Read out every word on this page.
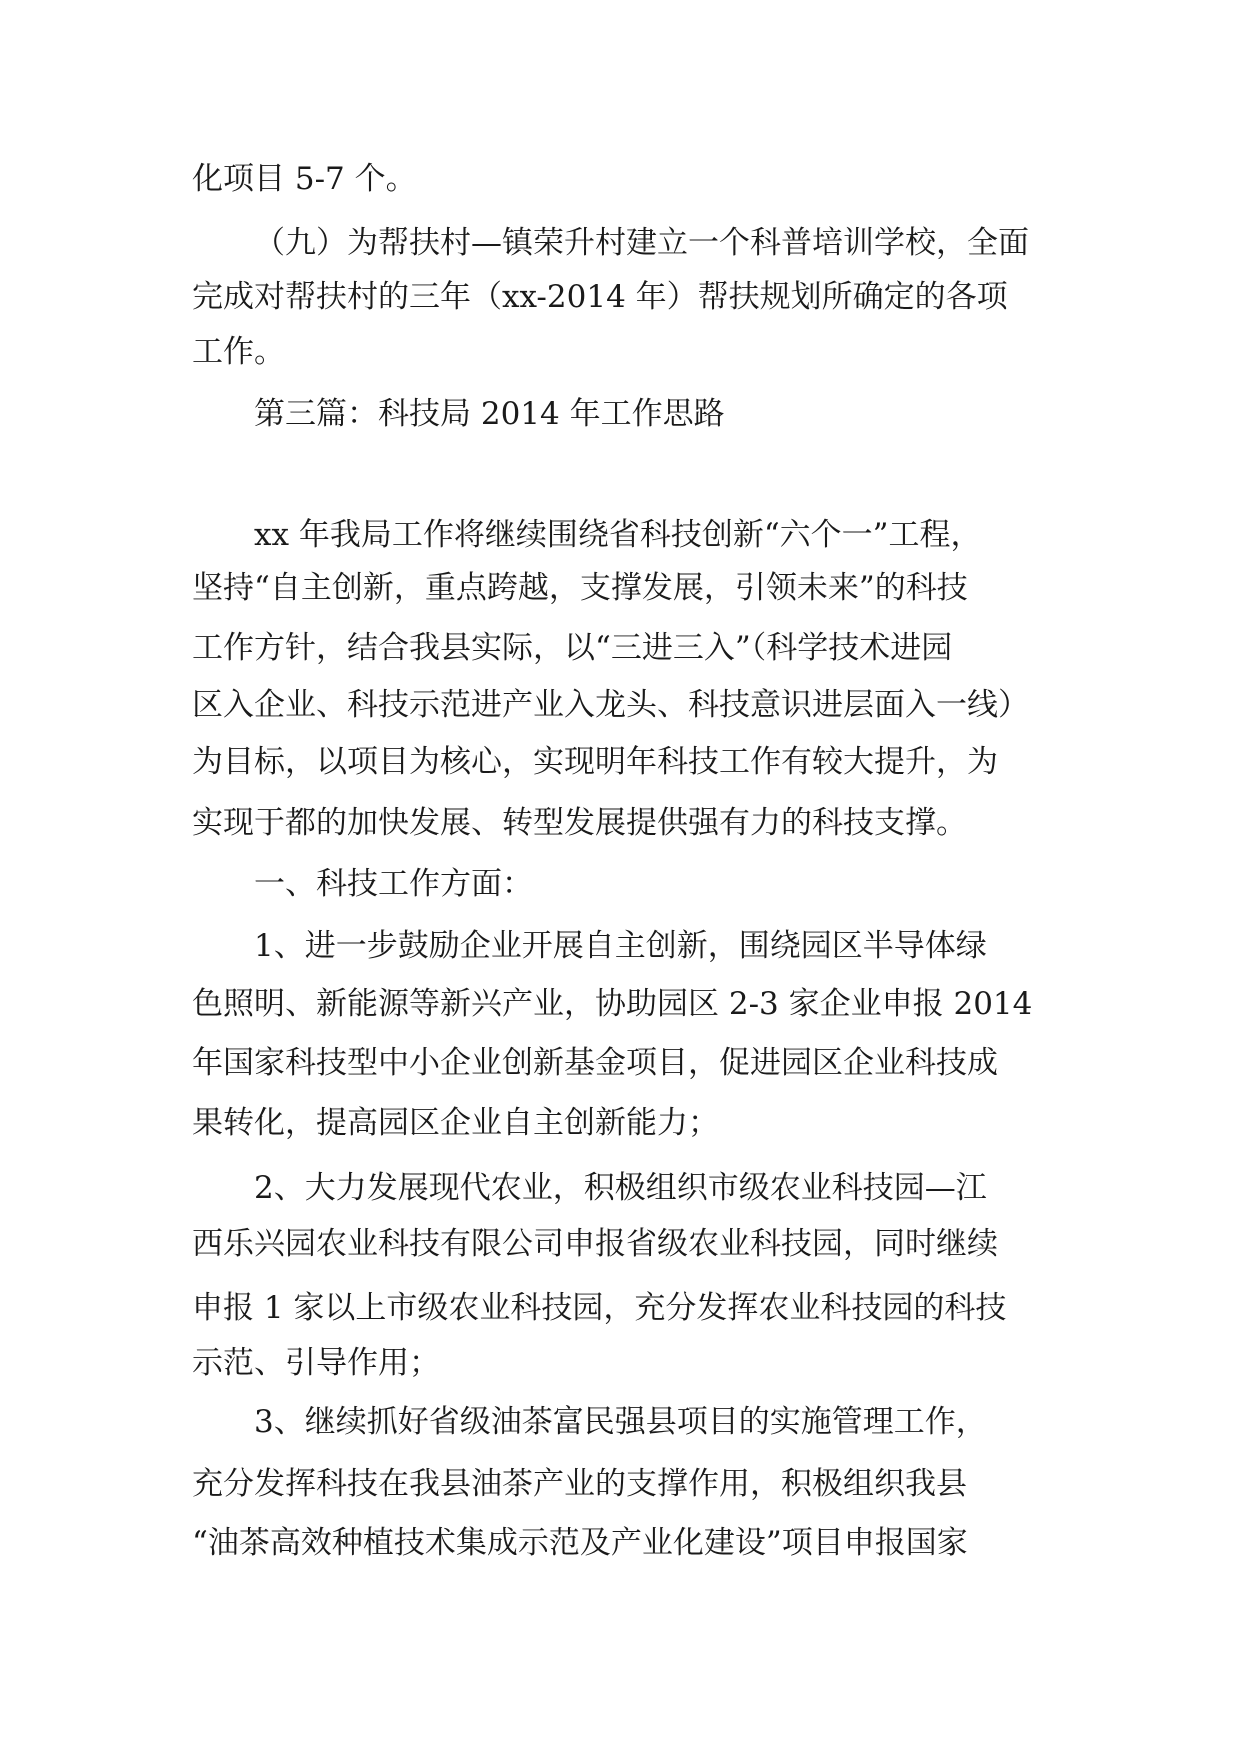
化项目 5-7 个。
（九）为帮扶村—镇荣升村建立一个科普培训学校，全面
完成对帮扶村的三年（xx-2014 年）帮扶规划所确定的各项
工作。
第三篇：科技局 2014 年工作思路
xx 年我局工作将继续围绕省科技创新“六个一”工程，
坚持“自主创新，重点跨越，支撑发展，引领未来”的科技
工作方针，结合我县实际，以“三进三入”（科学技术进园
区入企业、科技示范进产业入龙头、科技意识进层面入一线）
为目标，以项目为核心，实现明年科技工作有较大提升，为
实现于都的加快发展、转型发展提供强有力的科技支撑。
一、科技工作方面：
1、进一步鼓励企业开展自主创新，围绕园区半导体绿
色照明、新能源等新兴产业，协助园区 2-3 家企业申报 2014
年国家科技型中小企业创新基金项目，促进园区企业科技成
果转化，提高园区企业自主创新能力；
2、大力发展现代农业，积极组织市级农业科技园—江
西乐兴园农业科技有限公司申报省级农业科技园，同时继续
申报 1 家以上市级农业科技园，充分发挥农业科技园的科技
示范、引导作用；
3、继续抓好省级油茶富民强县项目的实施管理工作，
充分发挥科技在我县油茶产业的支撑作用，积极组织我县
“油茶高效种植技术集成示范及产业化建设”项目申报国家
